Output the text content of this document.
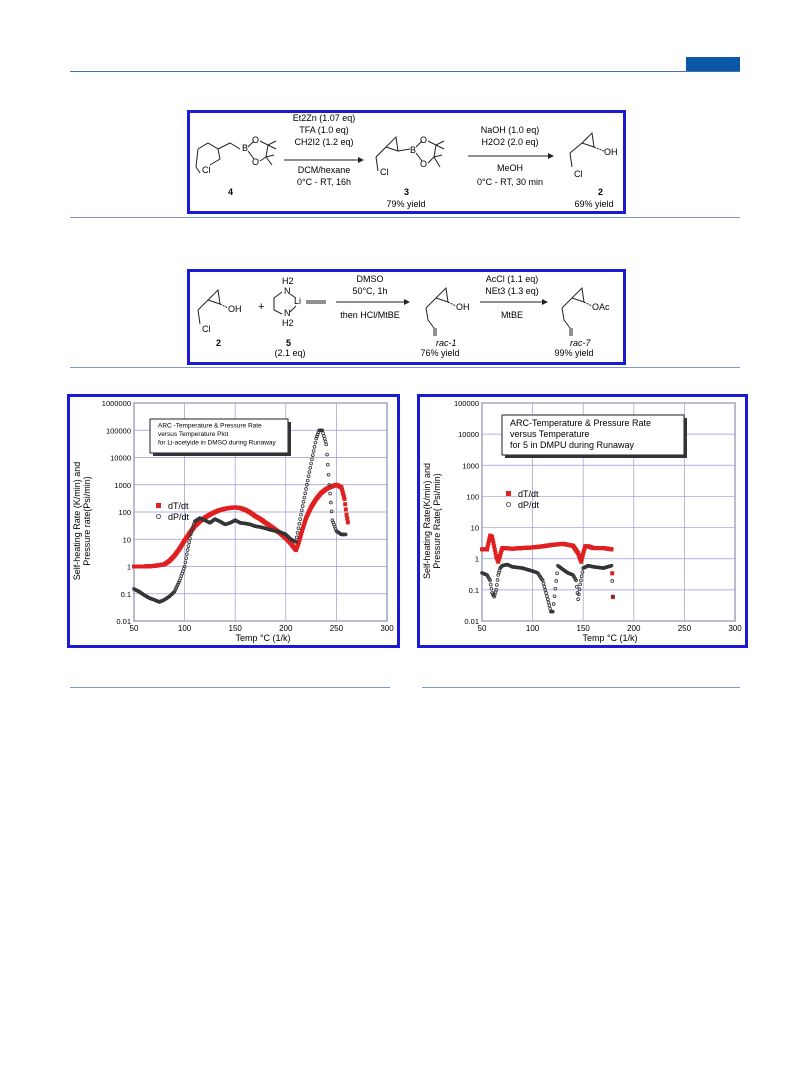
Cl
B
O
O
4
Et2Zn (1.07 eq)
TFA (1.0 eq)
CH2I2 (1.2 eq)
DCM/hexane
0°C - RT, 16h
Cl
B
O
O
3
79% yield
NaOH (1.0 eq)
H2O2 (2.0 eq)
MeOH
0°C - RT, 30 min
Cl
OH
2
69% yield
Cl
OH
2
+
H2
N
Li
N
H2
5
(2.1 eq)
DMSO
50°C, 1h
then HCl/MtBE
OH
rac-1
76% yield
AcCl (1.1 eq)
NEt3 (1.3 eq)
MtBE
OAc
rac-7
99% yield
Self-heating Rate (K/min) and Pressure rate(Psi/min)
Temp °C (1/k)
50	100	150	200	250	300
0.01
0.1
1
10
100
1000
10000
100000
1000000
ARC -Temperature & Pressure Rate
versus Temperature Plot
for Li-acetyide in DMSO during Runaway
dT/dt
dP/dt	Self-heating Rate(K/min) and Pressure Rate( Psi/min)
Temp °C (1/k)
50	100	150	200	250	300
0.01
0.1
1
10
100
1000
10000
100000
ARC-Temperature & Pressure Rate
versus Temperature
for 5 in DMPU during Runaway
dT/dt
dP/dt
